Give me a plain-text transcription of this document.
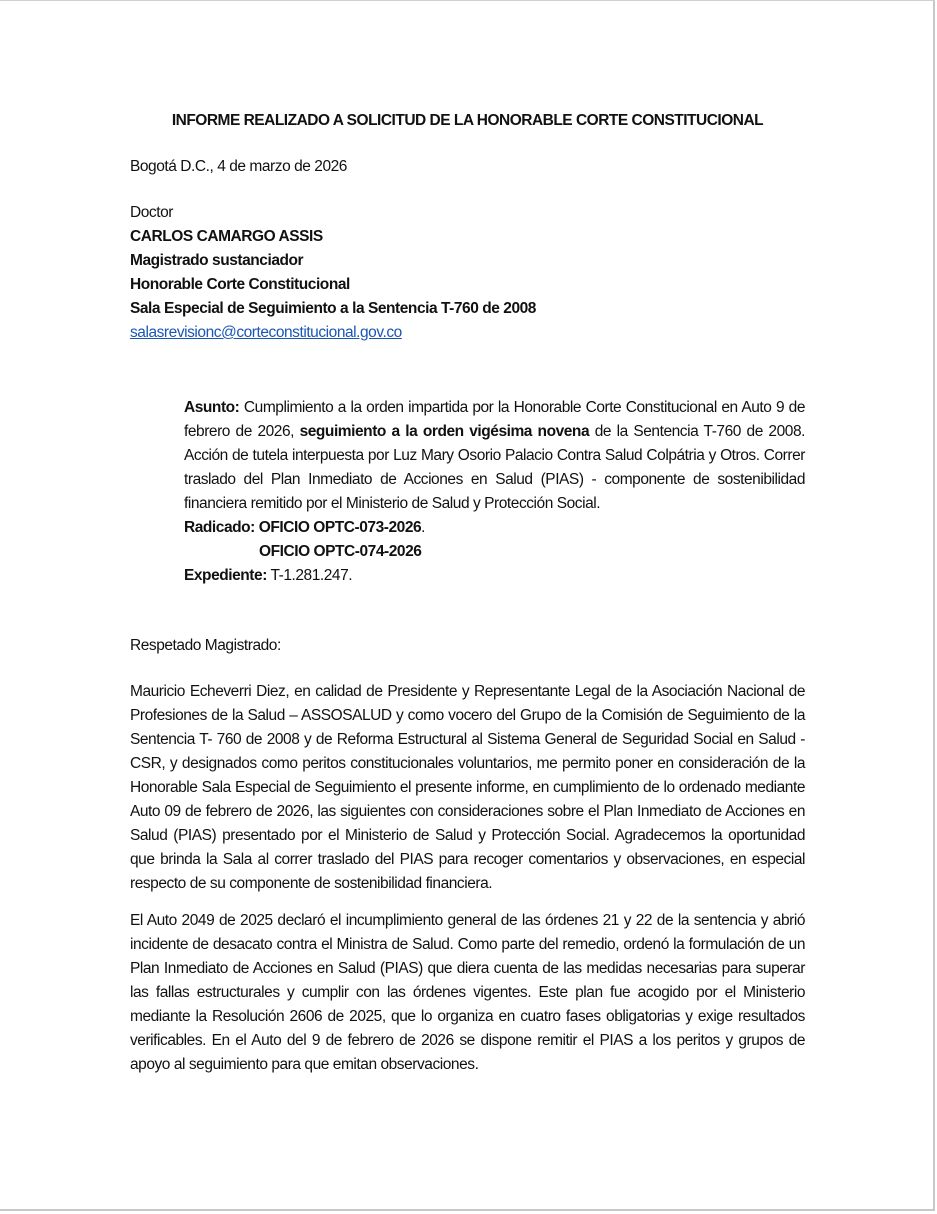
INFORME REALIZADO A SOLICITUD DE LA HONORABLE CORTE CONSTITUCIONAL
Bogotá D.C., 4 de marzo de 2026
Doctor
CARLOS CAMARGO ASSIS
Magistrado sustanciador
Honorable Corte Constitucional
Sala Especial de Seguimiento a la Sentencia T-760 de 2008
salasrevisionc@corteconstitucional.gov.co
Asunto: Cumplimiento a la orden impartida por la Honorable Corte Constitucional en Auto 9 de febrero de 2026, seguimiento a la orden vigésima novena de la Sentencia T-760 de 2008. Acción de tutela interpuesta por Luz Mary Osorio Palacio Contra Salud Colpátria y Otros. Correr traslado del Plan Inmediato de Acciones en Salud (PIAS) - componente de sostenibilidad financiera remitido por el Ministerio de Salud y Protección Social.
Radicado: OFICIO OPTC-073-2026.
OFICIO OPTC-074-2026
Expediente: T-1.281.247.
Respetado Magistrado:
Mauricio Echeverri Diez, en calidad de Presidente y Representante Legal de la Asociación Nacional de Profesiones de la Salud – ASSOSALUD y como vocero del Grupo de la Comisión de Seguimiento de la Sentencia T- 760 de 2008 y de Reforma Estructural al Sistema General de Seguridad Social en Salud -CSR, y designados como peritos constitucionales voluntarios, me permito poner en consideración de la Honorable Sala Especial de Seguimiento el presente informe, en cumplimiento de lo ordenado mediante Auto 09 de febrero de 2026, las siguientes con consideraciones sobre el Plan Inmediato de Acciones en Salud (PIAS) presentado por el Ministerio de Salud y Protección Social. Agradecemos la oportunidad que brinda la Sala al correr traslado del PIAS para recoger comentarios y observaciones, en especial respecto de su componente de sostenibilidad financiera.
El Auto 2049 de 2025 declaró el incumplimiento general de las órdenes 21 y 22 de la sentencia y abrió incidente de desacato contra el Ministra de Salud. Como parte del remedio, ordenó la formulación de un Plan Inmediato de Acciones en Salud (PIAS) que diera cuenta de las medidas necesarias para superar las fallas estructurales y cumplir con las órdenes vigentes. Este plan fue acogido por el Ministerio mediante la Resolución 2606 de 2025, que lo organiza en cuatro fases obligatorias y exige resultados verificables. En el Auto del 9 de febrero de 2026 se dispone remitir el PIAS a los peritos y grupos de apoyo al seguimiento para que emitan observaciones.
